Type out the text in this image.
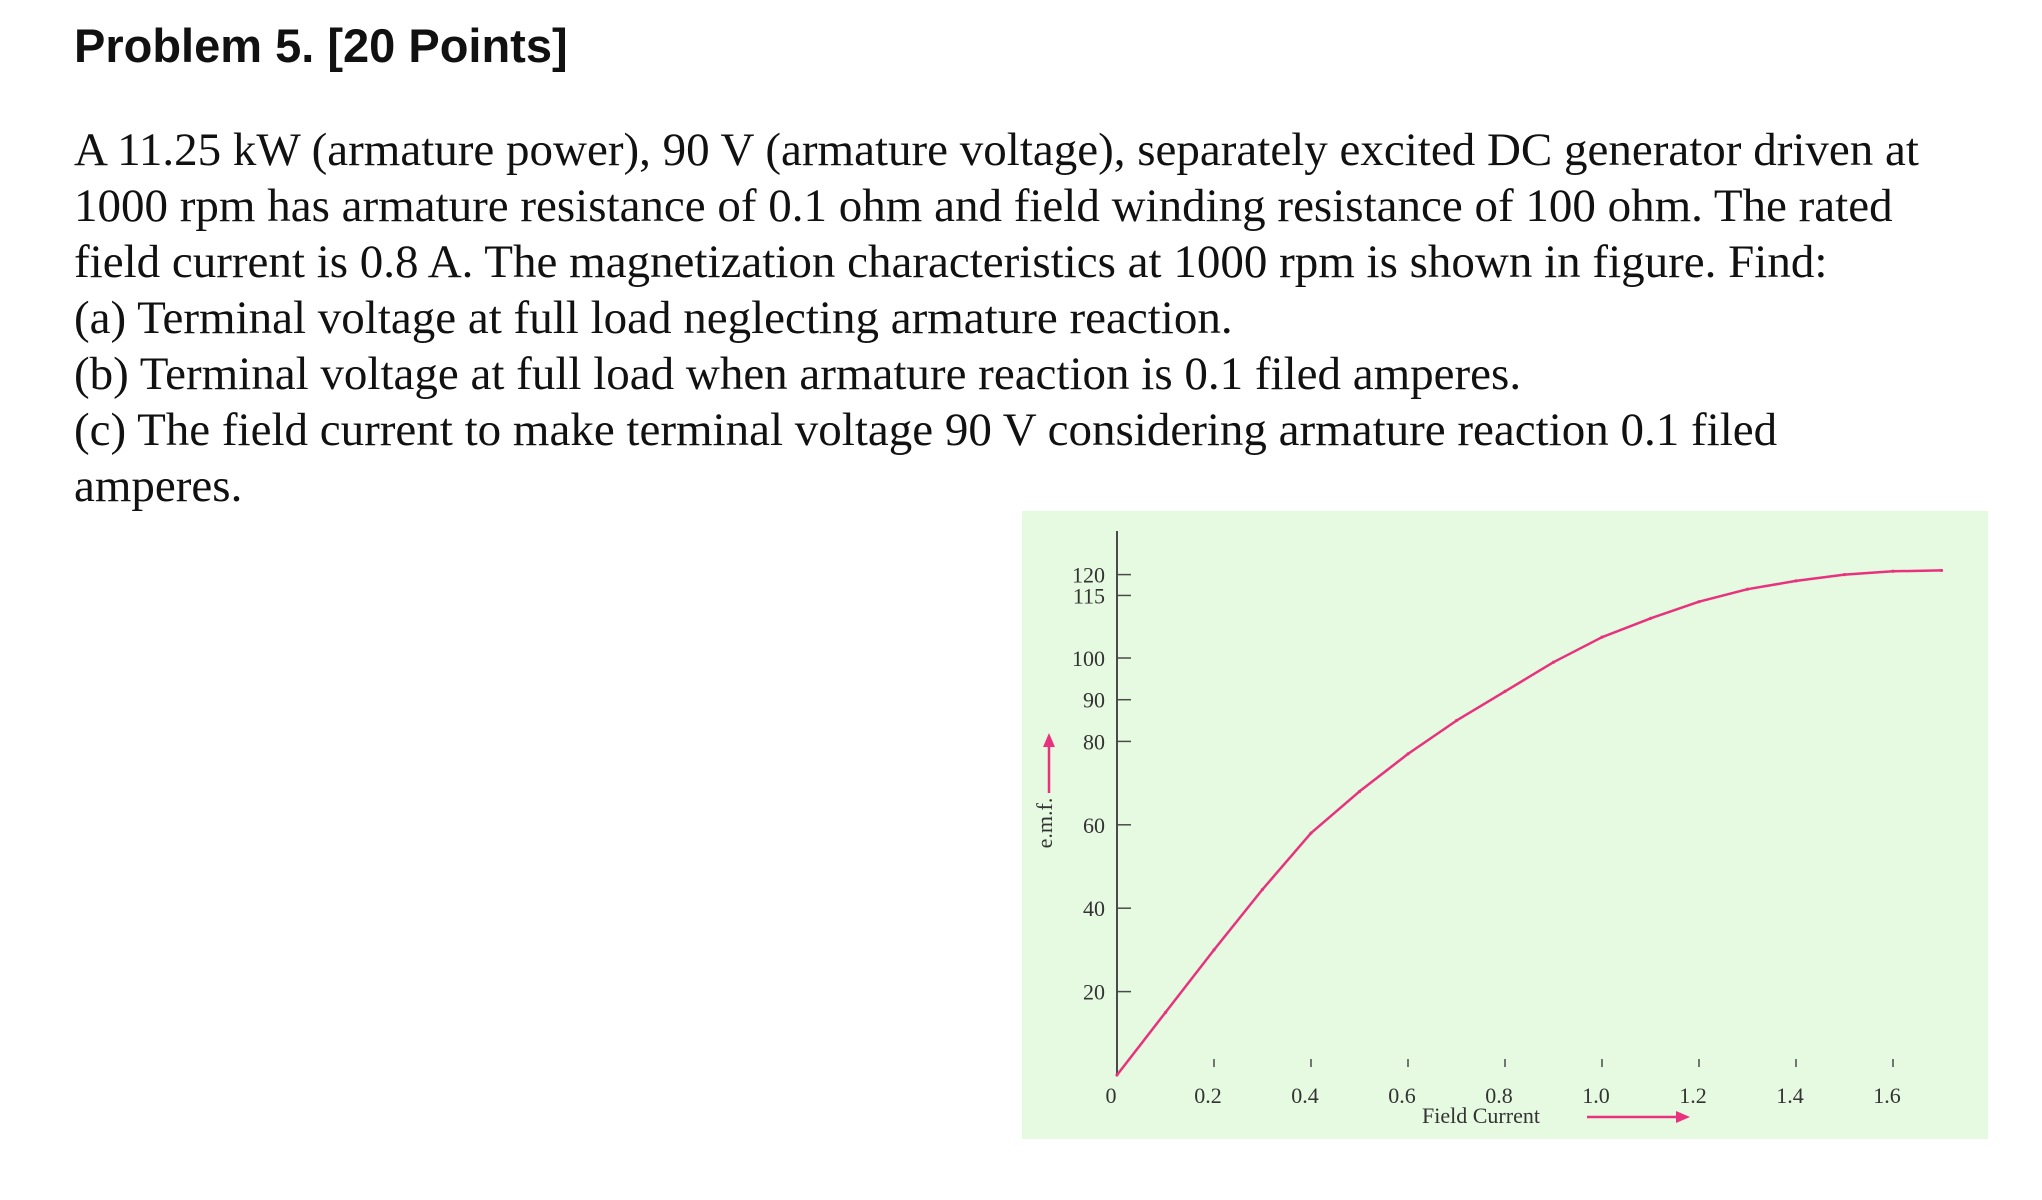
Problem 5. [20 Points]

A 11.25 kW (armature power), 90 V (armature voltage), separately excited DC generator driven at

1000 rpm has armature resistance of 0.1 ohm and field winding resistance of 100 ohm. The rated

field current is 0.8 A. The magnetization characteristics at 1000 rpm is shown in figure. Find:

(a) Terminal voltage at full load neglecting armature reaction.

(b) Terminal voltage at full load when armature reaction is 0.1 filed amperes.

(c) The field current to make terminal voltage 90 V considering armature reaction 0.1 filed amperes.

20
40
60
80
90
100
115
120
0	0.2	0.4	0.6	0.8	1.0	1.2	1.4	1.6
e.m.f.
Field Current
